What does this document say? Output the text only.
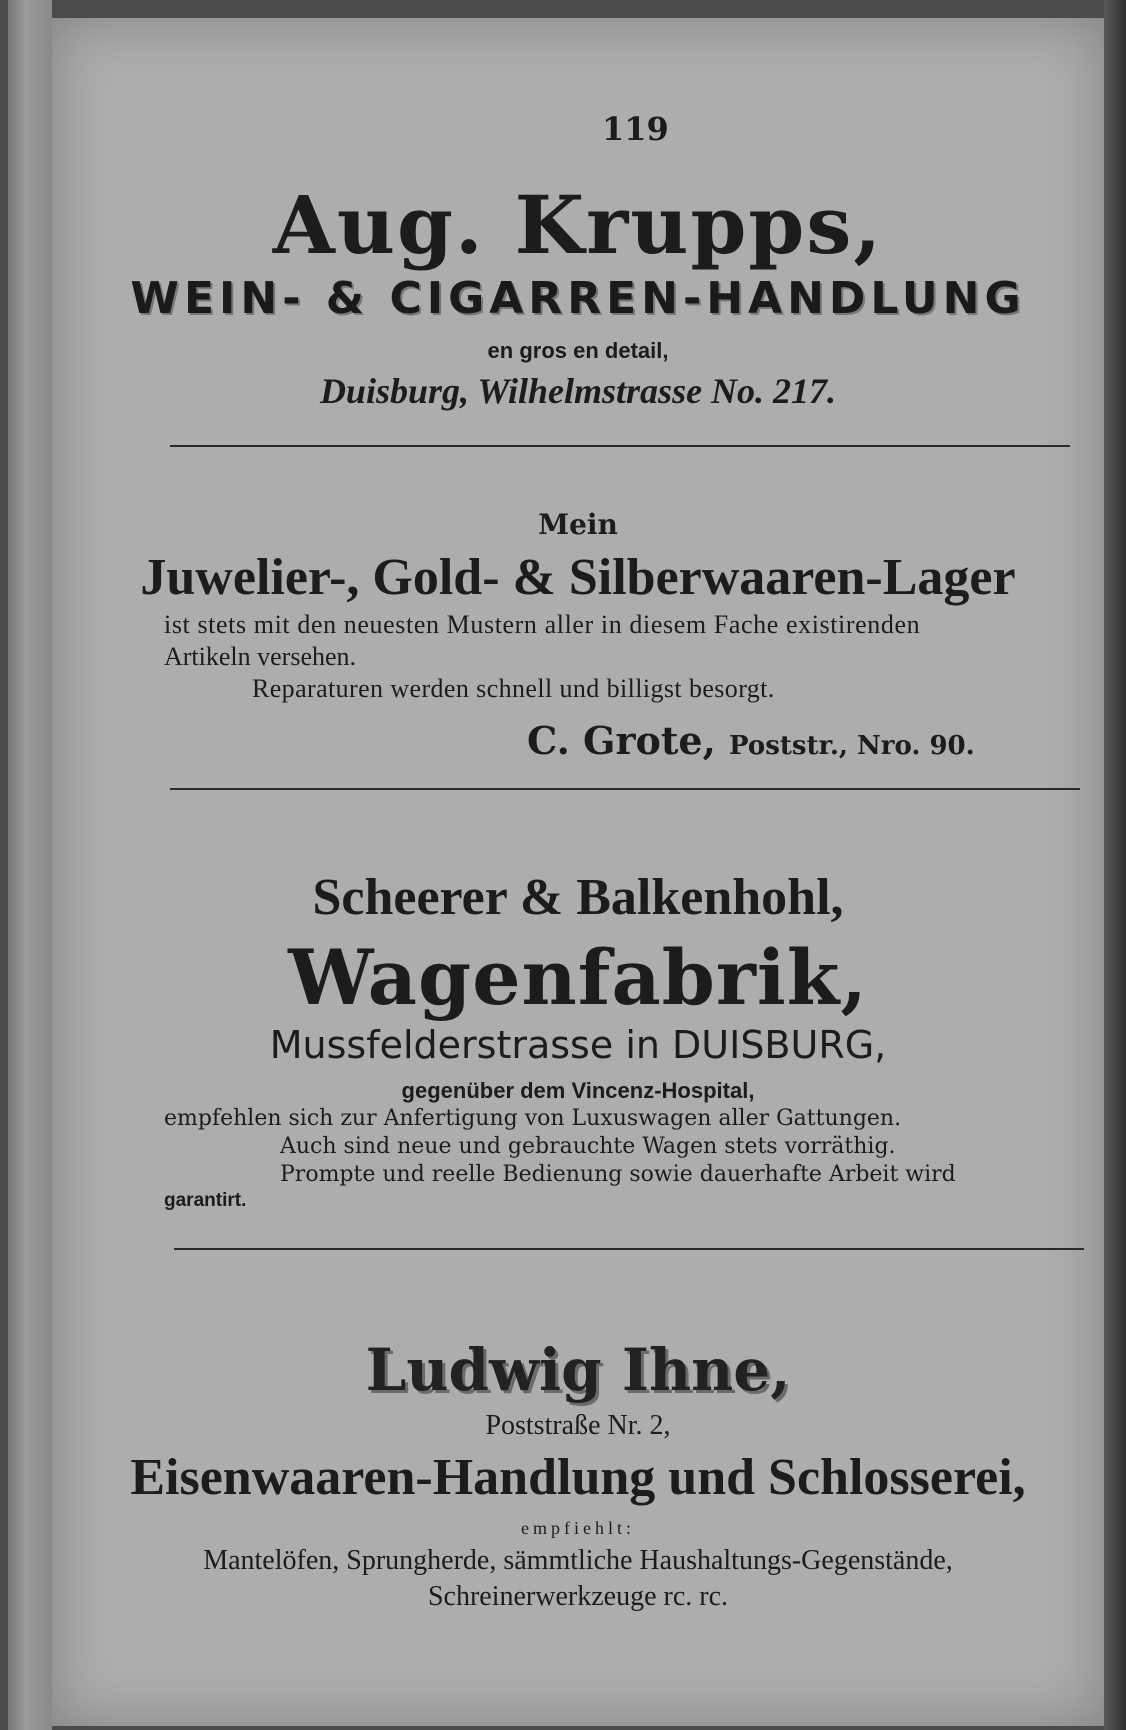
119
Aug. Krupps,
WEIN- & CIGARREN-HANDLUNG
en gros en detail,
Duisburg, Wilhelmstrasse No. 217.
Mein
Juwelier-, Gold- & Silberwaaren-Lager
ist stets mit den neuesten Mustern aller in diesem Fache existirenden
Artikeln versehen.
Reparaturen werden schnell und billigst besorgt.
C. Grote, Poststr., Nro. 90.
Scheerer & Balkenhohl,
Wagenfabrik,
Mussfelderstrasse in DUISBURG,
gegenüber dem Vincenz-Hospital,
empfehlen sich zur Anfertigung von Luxuswagen aller Gattungen.
Auch sind neue und gebrauchte Wagen stets vorräthig.
Prompte und reelle Bedienung sowie dauerhafte Arbeit wird
garantirt.
Ludwig Ihne,
Poststraße Nr. 2,
Eisenwaaren-Handlung und Schlosserei,
empfiehlt:
Mantelöfen, Sprungherde, sämmtliche Haushaltungs-Gegenstände,
Schreinerwerkzeuge rc. rc.
